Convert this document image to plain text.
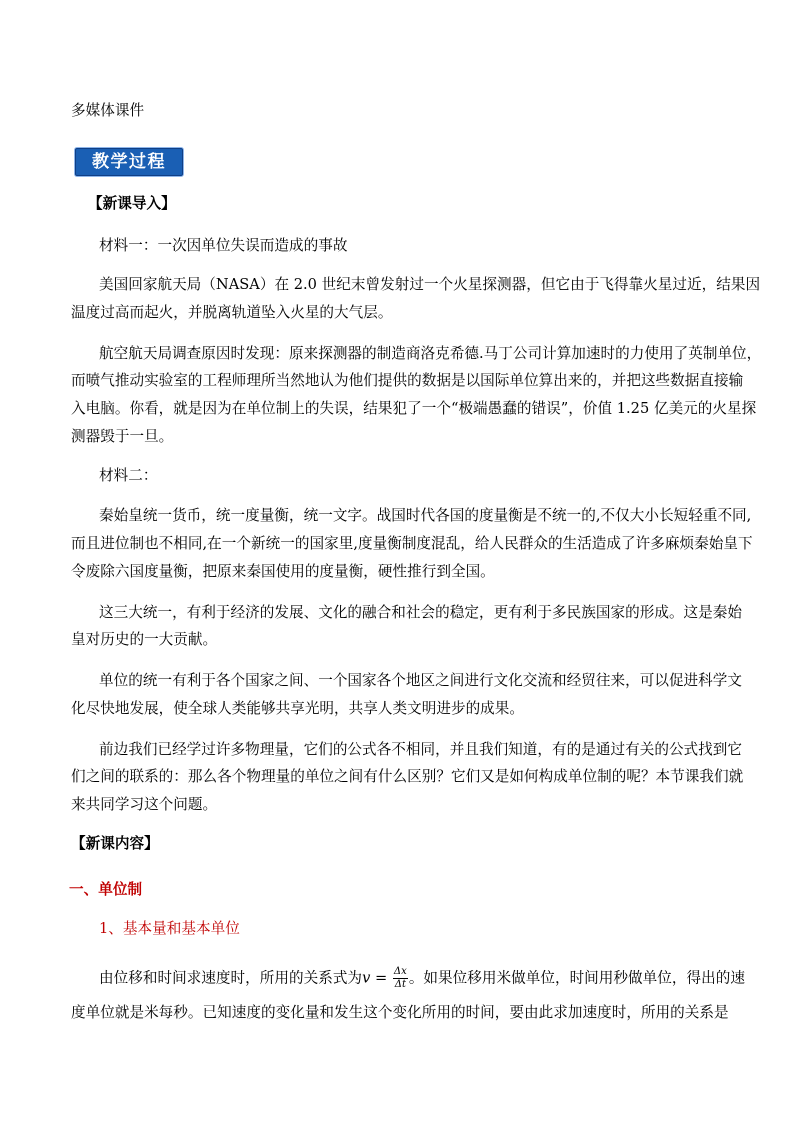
多媒体课件
教学过程
【新课导入】
材料一：一次因单位失误而造成的事故
美国回家航天局（NASA）在 2.0 世纪末曾发射过一个火星探测器，但它由于飞得靠火星过近，结果因
温度过高而起火，并脱离轨道坠入火星的大气层。
航空航天局调查原因时发现：原来探测器的制造商洛克希德.马丁公司计算加速时的力使用了英制单位，
而喷气推动实验室的工程师理所当然地认为他们提供的数据是以国际单位算出来的，并把这些数据直接输
入电脑。你看，就是因为在单位制上的失误，结果犯了一个“极端愚蠢的错误”，价值 1.25 亿美元的火星探
测器毁于一旦。
材料二：
秦始皇统一货币，统一度量衡，统一文字。战国时代各国的度量衡是不统一的,不仅大小长短轻重不同,
而且进位制也不相同,在一个新统一的国家里,度量衡制度混乱，给人民群众的生活造成了许多麻烦秦始皇下
令废除六国度量衡，把原来秦国使用的度量衡，硬性推行到全国。
这三大统一，有利于经济的发展、文化的融合和社会的稳定，更有利于多民族国家的形成。这是秦始
皇对历史的一大贡献。
单位的统一有利于各个国家之间、一个国家各个地区之间进行文化交流和经贸往来，可以促进科学文
化尽快地发展，使全球人类能够共享光明，共享人类文明进步的成果。
前边我们已经学过许多物理量，它们的公式各不相同，并且我们知道，有的是通过有关的公式找到它
们之间的联系的：那么各个物理量的单位之间有什么区别？它们又是如何构成单位制的呢？本节课我们就
来共同学习这个问题。
【新课内容】
一、单位制
1、基本量和基本单位
由位移和时间求速度时，所用的关系式为$v = \frac{\Delta x}{\Delta t}$ 。如果位移用米做单位，时间用秒做单位，得出的速
度单位就是米每秒。已知速度的变化量和发生这个变化所用的时间，要由此求加速度时，所用的关系是
